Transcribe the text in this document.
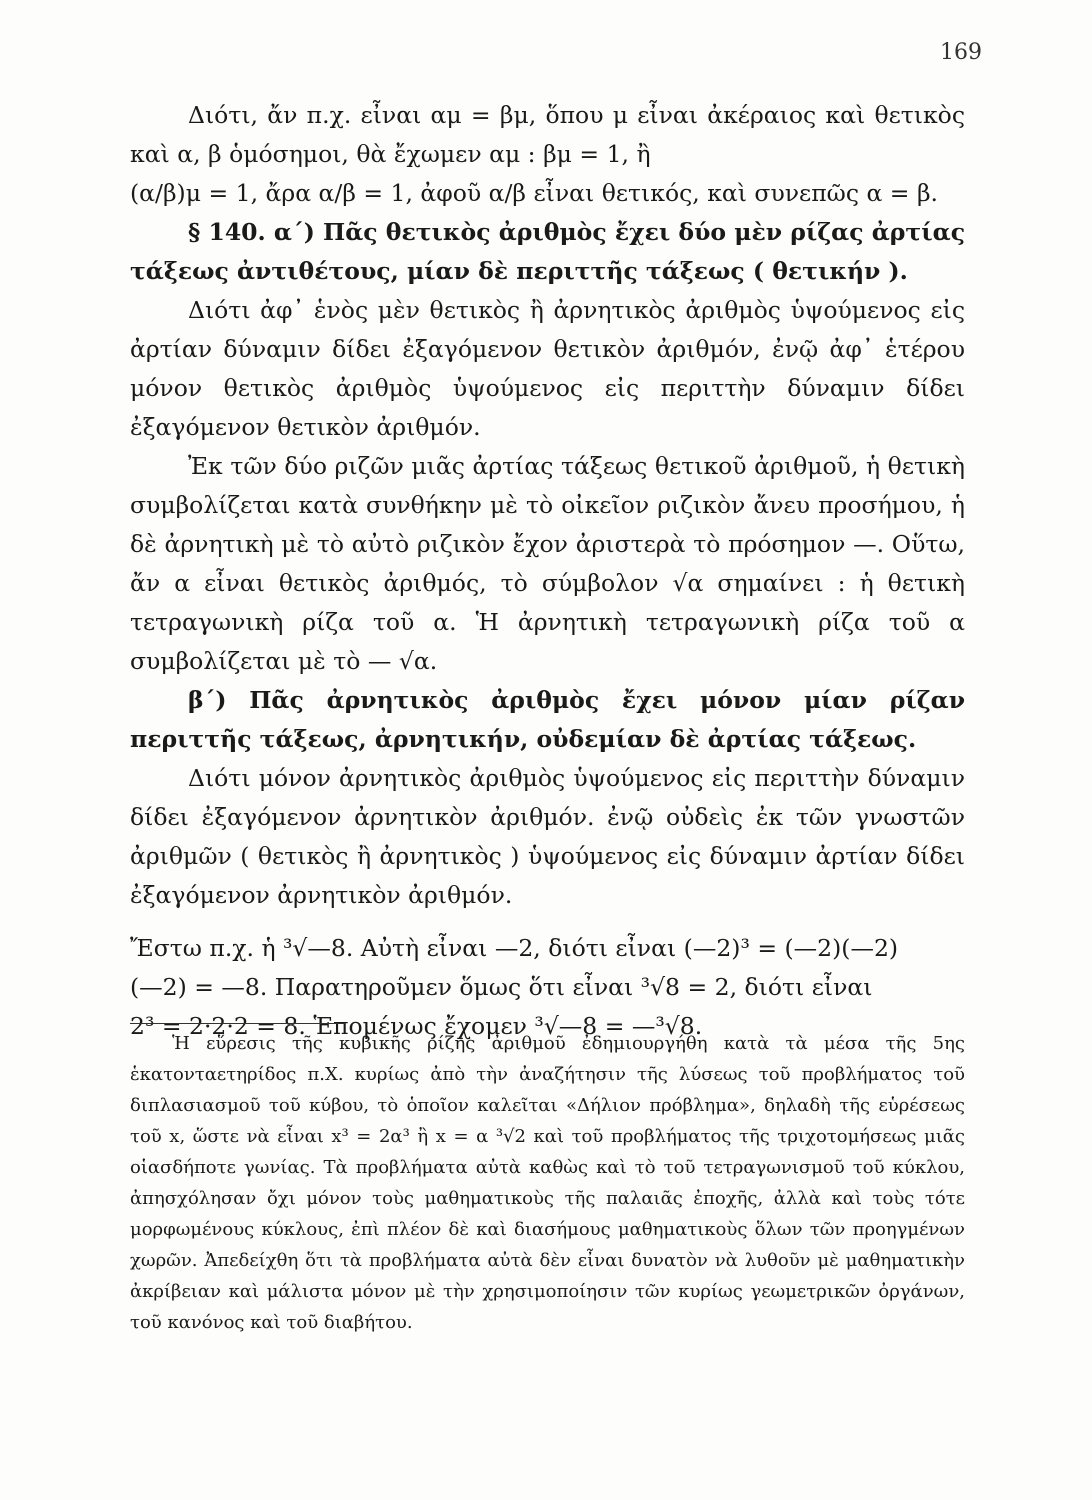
169

Διότι, ἄν π.χ. εἶναι αμ = βμ, ὅπου μ εἶναι ἀκέραιος καὶ θετικὸς καὶ α, β ὁμόσημοι, θὰ ἔχωμεν αμ : βμ = 1, ἢ

(α/β)μ = 1, ἄρα α/β = 1, ἀφοῦ α/β εἶναι θετικός, καὶ συνεπῶς α = β.

§ 140. α΄) Πᾶς θετικὸς ἀριθμὸς ἔχει δύο μὲν ρίζας ἀρτίας τάξεως ἀντιθέτους, μίαν δὲ περιττῆς τάξεως ( θετικήν ).

Διότι ἀφ᾽ ἑνὸς μὲν θετικὸς ἢ ἀρνητικὸς ἀριθμὸς ὑψούμενος εἰς ἀρτίαν δύναμιν δίδει ἐξαγόμενον θετικὸν ἀριθμόν, ἐνῷ ἀφ᾽ ἑτέρου μόνον θετικὸς ἀριθμὸς ὑψούμενος εἰς περιττὴν δύναμιν δίδει ἐξαγόμενον θετικὸν ἀριθμόν.

Ἐκ τῶν δύο ριζῶν μιᾶς ἀρτίας τάξεως θετικοῦ ἀριθμοῦ, ἡ θετικὴ συμβολίζεται κατὰ συνθήκην μὲ τὸ οἰκεῖον ριζικὸν ἄνευ προσήμου, ἡ δὲ ἀρνητικὴ μὲ τὸ αὐτὸ ριζικὸν ἔχον ἀριστερὰ τὸ πρόσημον —. Οὕτω, ἄν α εἶναι θετικὸς ἀριθμός, τὸ σύμβολον √α σημαίνει : ἡ θετικὴ τετραγωνικὴ ρίζα τοῦ α. Ἡ ἀρνητικὴ τετραγωνικὴ ρίζα τοῦ α συμβολίζεται μὲ τὸ — √α.

β΄) Πᾶς ἀρνητικὸς ἀριθμὸς ἔχει μόνον μίαν ρίζαν περιττῆς τάξεως, ἀρνητικήν, οὐδεμίαν δὲ ἀρτίας τάξεως.

Διότι μόνον ἀρνητικὸς ἀριθμὸς ὑψούμενος εἰς περιττὴν δύναμιν δίδει ἐξαγόμενον ἀρνητικὸν ἀριθμόν. ἐνῷ οὐδεὶς ἐκ τῶν γνωστῶν ἀριθμῶν ( θετικὸς ἢ ἀρνητικὸς ) ὑψούμενος εἰς δύναμιν ἀρτίαν δίδει ἐξαγόμενον ἀρνητικὸν ἀριθμόν.

Ἔστω π.χ. ἡ ³√—8. Αὐτὴ εἶναι —2, διότι εἶναι (—2)³ = (—2)(—2)

(—2) = —8. Παρατηροῦμεν ὅμως ὅτι εἶναι ³√8 = 2, διότι εἶναι

2³ = 2·2·2 = 8. Ἑπομένως ἔχομεν ³√—8 = —³√8.

Ἡ εὕρεσις τῆς κυβικῆς ρίζης ἀριθμοῦ ἐδημιουργήθη κατὰ τὰ μέσα τῆς 5ης ἑκατονταετηρίδος π.Χ. κυρίως ἀπὸ τὴν ἀναζήτησιν τῆς λύσεως τοῦ προβλήματος τοῦ διπλασιασμοῦ τοῦ κύβου, τὸ ὁποῖον καλεῖται «Δήλιον πρόβλημα», δηλαδὴ τῆς εὑρέσεως τοῦ x, ὥστε νὰ εἶναι x³ = 2α³ ἢ x = α ³√2 καὶ τοῦ προβλήματος τῆς τριχοτομήσεως μιᾶς οἱασδήποτε γωνίας. Τὰ προβλήματα αὐτὰ καθὼς καὶ τὸ τοῦ τετραγωνισμοῦ τοῦ κύκλου, ἀπησχόλησαν ὄχι μόνον τοὺς μαθηματικοὺς τῆς παλαιᾶς ἐποχῆς, ἀλλὰ καὶ τοὺς τότε μορφωμένους κύκλους, ἐπὶ πλέον δὲ καὶ διασήμους μαθηματικοὺς ὅλων τῶν προηγμένων χωρῶν. Ἀπεδείχθη ὅτι τὰ προβλήματα αὐτὰ δὲν εἶναι δυνατὸν νὰ λυθοῦν μὲ μαθηματικὴν ἀκρίβειαν καὶ μάλιστα μόνον μὲ τὴν χρησιμοποίησιν τῶν κυρίως γεωμετρικῶν ὀργάνων, τοῦ κανόνος καὶ τοῦ διαβήτου.
